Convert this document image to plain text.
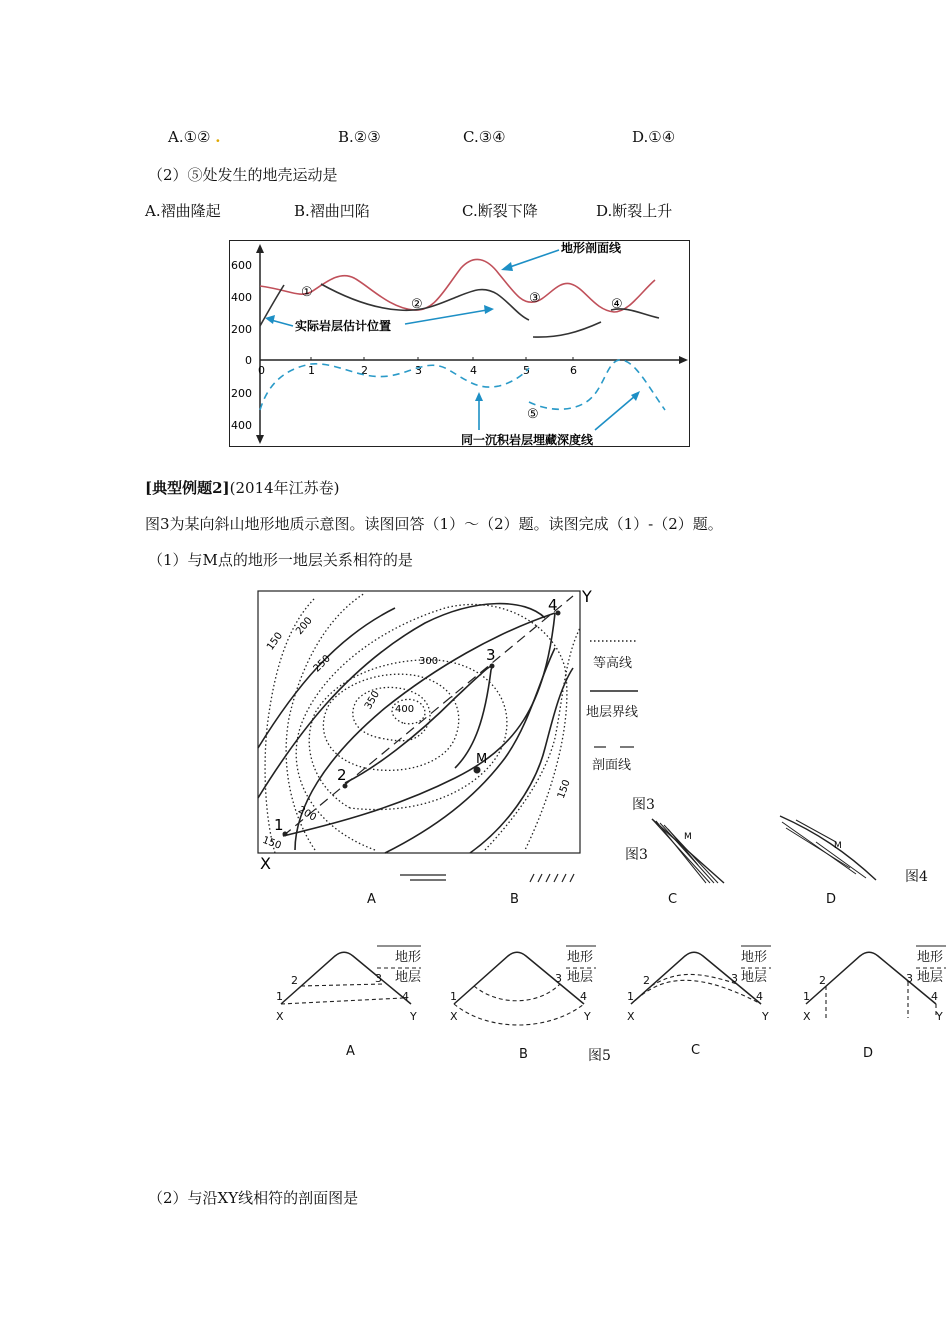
A.①② .	B.②③	C.③④	D.①④
（2）⑤处发生的地壳运动是
A.褶曲隆起	B.褶曲凹陷	C.断裂下降	D.断裂上升
600
400
200
0
200
400
0	1	2	3	4	5	6
①
②	③	④
⑤
地形剖面线
实际岩层估计位置
同一沉积岩层埋藏深度线
[典型例题2](2014年江苏卷)
图3为某向斜山地形地质示意图。读图回答（1）～（2）题。读图完成（1）-（2）题。
（1）与M点的地形一地层关系相符的是
1
2
3
4
M
150
200
250	300
350 400
200
150
150
X
Y
等高线
地层界线
剖面线
图3
图3
M
M
图4
A	B	C	D
地形
地层
地形
地层
地形
地层
地形
地层
1
2	3
4
X	Y
1
3
4
X	Y
1
2	3
4
X	Y
1
2	3
4
X	Y
A	B	图5	C	D
（2）与沿XY线相符的剖面图是
